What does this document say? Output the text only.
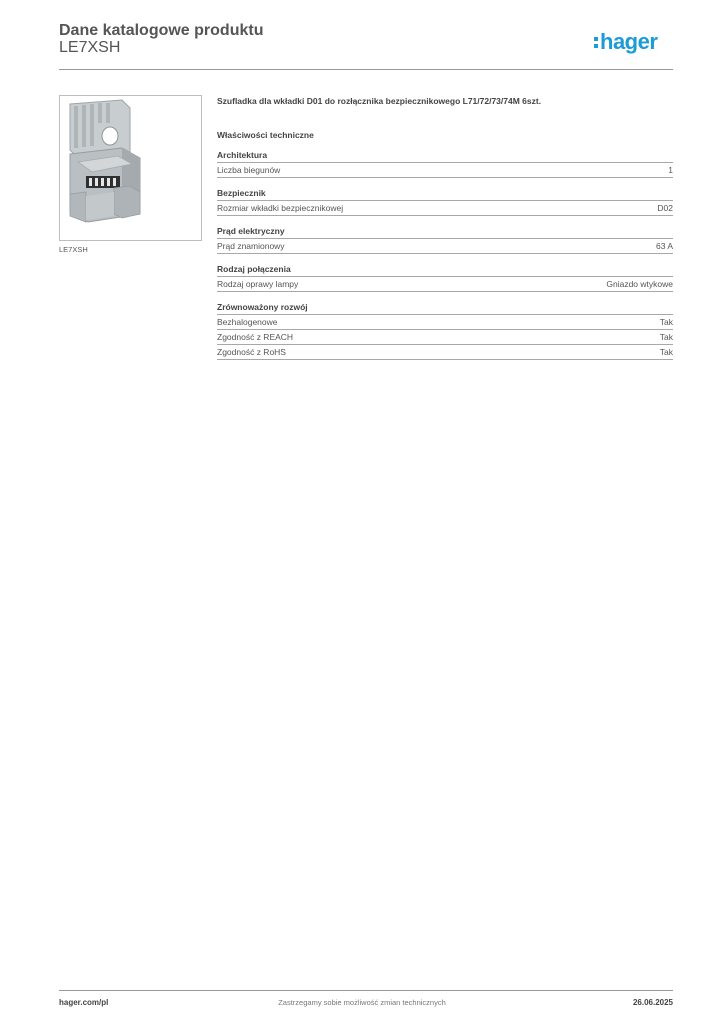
Dane katalogowe produktu
LE7XSH	hager
LE7XSH
Szufladka dla wkładki D01 do rozłącznika bezpiecznikowego L71/72/73/74M 6szt.
Właściwości techniczne
Architektura
Liczba biegunów	1
Bezpiecznik
Rozmiar wkładki bezpiecznikowej	D02
Prąd elektryczny
Prąd znamionowy	63 A
Rodzaj połączenia
Rodzaj oprawy lampy	Gniazdo wtykowe
Zrównoważony rozwój
Bezhalogenowe	Tak
Zgodność z REACH	Tak
Zgodność z RoHS	Tak
Zastrzegamy sobie możliwość zmian technicznych
hager.com/pl	26.06.2025
